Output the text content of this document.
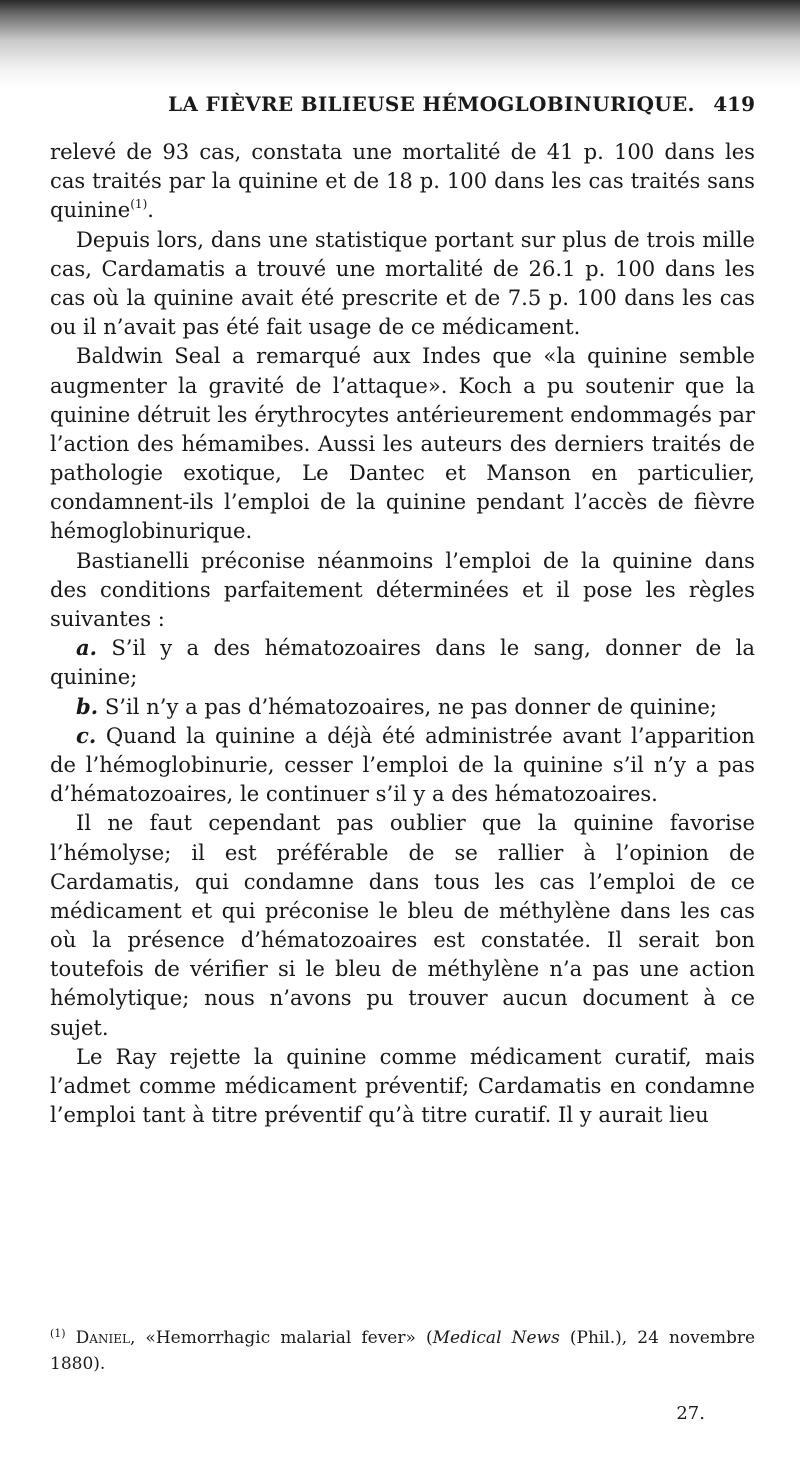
LA FIÈVRE BILIEUSE HÉMOGLOBINURIQUE. 419

relevé de 93 cas, constata une mortalité de 41 p. 100 dans les cas traités par la quinine et de 18 p. 100 dans les cas traités sans quinine$^{(1)}$.

Depuis lors, dans une statistique portant sur plus de trois mille cas, Cardamatis a trouvé une mortalité de 26.1 p. 100 dans les cas où la quinine avait été prescrite et de 7.5 p. 100 dans les cas ou il n’avait pas été fait usage de ce médicament.

Baldwin Seal a remarqué aux Indes que «la quinine semble augmenter la gravité de l’attaque». Koch a pu soutenir que la quinine détruit les érythrocytes antérieurement endommagés par l’action des hémamibes. Aussi les auteurs des derniers traités de pathologie exotique, Le Dantec et Manson en particulier, condamnent-ils l’emploi de la quinine pendant l’accès de fièvre hémoglobinurique.

Bastianelli préconise néanmoins l’emploi de la quinine dans des conditions parfaitement déterminées et il pose les règles suivantes :

a. S’il y a des hématozoaires dans le sang, donner de la quinine;

b. S’il n’y a pas d’hématozoaires, ne pas donner de quinine;

c. Quand la quinine a déjà été administrée avant l’apparition de l’hémoglobinurie, cesser l’emploi de la quinine s’il n’y a pas d’hématozoaires, le continuer s’il y a des hématozoaires.

Il ne faut cependant pas oublier que la quinine favorise l’hémolyse; il est préférable de se rallier à l’opinion de Cardamatis, qui condamne dans tous les cas l’emploi de ce médicament et qui préconise le bleu de méthylène dans les cas où la présence d’hématozoaires est constatée. Il serait bon toutefois de vérifier si le bleu de méthylène n’a pas une action hémolytique; nous n’avons pu trouver aucun document à ce sujet.

Le Ray rejette la quinine comme médicament curatif, mais l’admet comme médicament préventif; Cardamatis en condamne l’emploi tant à titre préventif qu’à titre curatif. Il y aurait lieu

$^{(1)}$ Daniel, «Hemorrhagic malarial fever» (Medical News (Phil.), 24 novembre 1880).
27.
